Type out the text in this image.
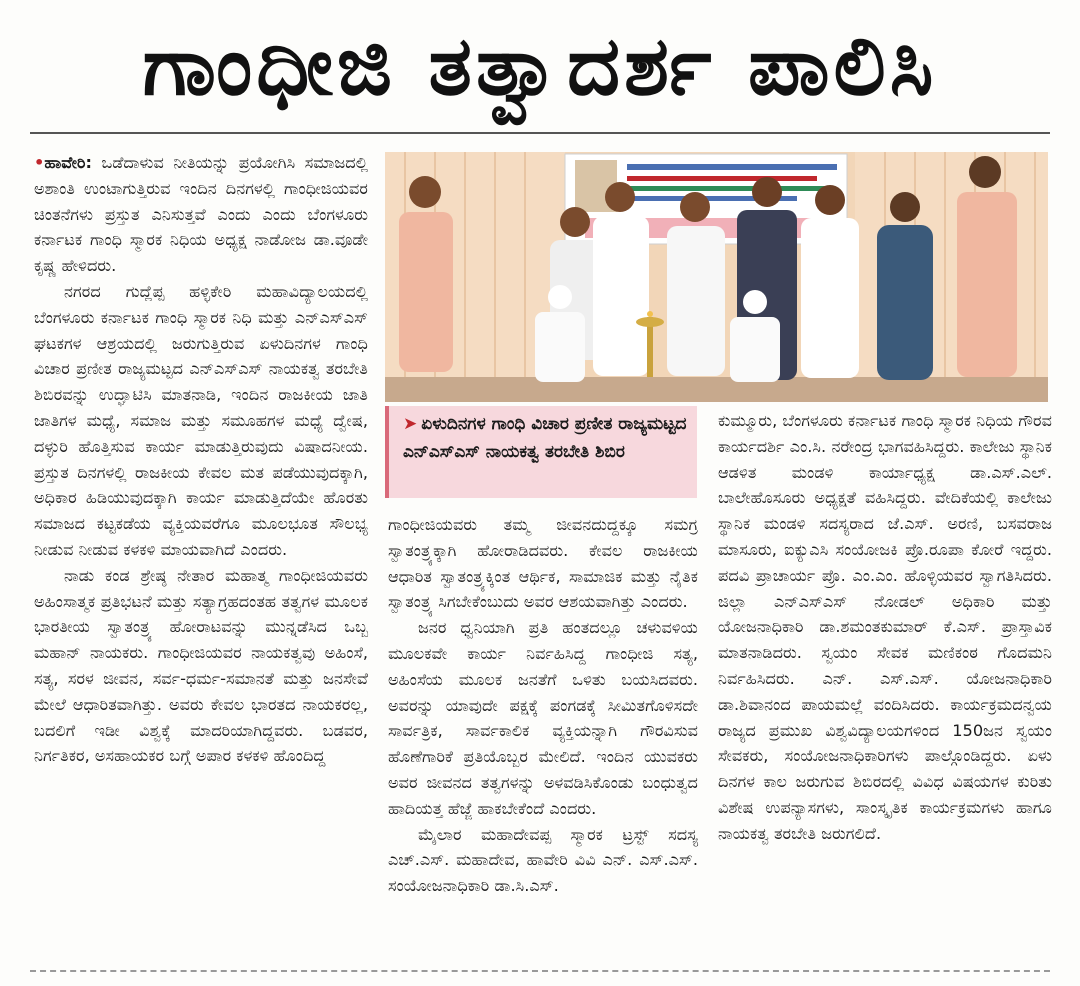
ಗಾಂಧೀಜಿ ತತ್ವಾದರ್ಶ ಪಾಲಿಸಿ

•ಹಾವೇರಿ: ಒಡೆದಾಳುವ ನೀತಿಯನ್ನು ಪ್ರಯೋಗಿಸಿ ಸಮಾಜದಲ್ಲಿ ಅಶಾಂತಿ ಉಂಟಾಗುತ್ತಿರುವ ಇಂದಿನ ದಿನಗಳಲ್ಲಿ ಗಾಂಧೀಜಿಯವರ ಚಿಂತನೆಗಳು ಪ್ರಸ್ತುತ ಎನಿಸುತ್ತವೆ ಎಂದು ಎಂದು ಬೆಂಗಳೂರು ಕರ್ನಾಟಕ ಗಾಂಧಿ ಸ್ಮಾರಕ ನಿಧಿಯ ಅಧ್ಯಕ್ಷ ನಾಡೋಜ ಡಾ.ವೂಡೇ ಕೃಷ್ಣ ಹೇಳಿದರು.

ನಗರದ ಗುದ್ಲೆಪ್ಪ ಹಳ್ಳಿಕೇರಿ ಮಹಾವಿದ್ಯಾಲಯದಲ್ಲಿ ಬೆಂಗಳೂರು ಕರ್ನಾಟಕ ಗಾಂಧಿ ಸ್ಮಾರಕ ನಿಧಿ ಮತ್ತು ಎನ್‌ಎಸ್‌ಎಸ್ ಘಟಕಗಳ ಆಶ್ರಯದಲ್ಲಿ ಜರುಗುತ್ತಿರುವ ಏಳುದಿನಗಳ ಗಾಂಧಿ ವಿಚಾರ ಪ್ರಣೀತ ರಾಜ್ಯಮಟ್ಟದ ಎನ್‌ಎಸ್‌ಎಸ್ ನಾಯಕತ್ವ ತರಬೇತಿ ಶಿಬಿರವನ್ನು ಉದ್ಘಾಟಿಸಿ ಮಾತನಾಡಿ, ಇಂದಿನ ರಾಜಕೀಯ ಜಾತಿ ಜಾತಿಗಳ ಮಧ್ಯೆ, ಸಮಾಜ ಮತ್ತು ಸಮೂಹಗಳ ಮಧ್ಯೆ ದ್ವೇಷ, ದಳ್ಳುರಿ ಹೊತ್ತಿಸುವ ಕಾರ್ಯ ಮಾಡುತ್ತಿರುವುದು ವಿಷಾದನೀಯ. ಪ್ರಸ್ತುತ ದಿನಗಳಲ್ಲಿ ರಾಜಕೀಯ ಕೇವಲ ಮತ ಪಡೆಯುವುದಕ್ಕಾಗಿ, ಅಧಿಕಾರ ಹಿಡಿಯುವುದಕ್ಕಾಗಿ ಕಾರ್ಯ ಮಾಡುತ್ತಿದೆಯೇ ಹೊರತು ಸಮಾಜದ ಕಟ್ಟಕಡೆಯ ವ್ಯಕ್ತಿಯವರೆಗೂ ಮೂಲಭೂತ ಸೌಲಭ್ಯ ನೀಡುವ ನೀಡುವ ಕಳಕಳಿ ಮಾಯವಾಗಿದೆ ಎಂದರು.

ನಾಡು ಕಂಡ ಶ್ರೇಷ್ಠ ನೇತಾರ ಮಹಾತ್ಮ ಗಾಂಧೀಜಿಯವರು ಅಹಿಂಸಾತ್ಮಕ ಪ್ರತಿಭಟನೆ ಮತ್ತು ಸತ್ಯಾಗ್ರಹದಂತಹ ತತ್ವಗಳ ಮೂಲಕ ಭಾರತೀಯ ಸ್ವಾತಂತ್ರ್ಯ ಹೋರಾಟವನ್ನು ಮುನ್ನಡೆಸಿದ ಒಬ್ಬ ಮಹಾನ್ ನಾಯಕರು. ಗಾಂಧೀಜಿಯವರ ನಾಯಕತ್ವವು ಅಹಿಂಸೆ, ಸತ್ಯ, ಸರಳ ಜೀವನ, ಸರ್ವ-ಧರ್ಮ-ಸಮಾನತೆ ಮತ್ತು ಜನಸೇವೆ ಮೇಲೆ ಆಧಾರಿತವಾಗಿತ್ತು. ಅವರು ಕೇವಲ ಭಾರತದ ನಾಯಕರಲ್ಲ, ಬದಲಿಗೆ ಇಡೀ ವಿಶ್ವಕ್ಕೆ ಮಾದರಿಯಾಗಿದ್ದವರು. ಬಡವರ, ನಿರ್ಗತಿಕರ, ಅಸಹಾಯಕರ ಬಗ್ಗೆ ಅಪಾರ ಕಳಕಳಿ ಹೊಂದಿದ್ದ

➤ ಏಳುದಿನಗಳ ಗಾಂಧಿ ವಿಚಾರ ಪ್ರಣೀತ ರಾಜ್ಯಮಟ್ಟದ ಎನ್‌ಎಸ್‌ಎಸ್ ನಾಯಕತ್ವ ತರಬೇತಿ ಶಿಬಿರ

ಗಾಂಧೀಜಿಯವರು ತಮ್ಮ ಜೀವನದುದ್ದಕ್ಕೂ ಸಮಗ್ರ ಸ್ವಾತಂತ್ರ್ಯಕ್ಕಾಗಿ ಹೋರಾಡಿದವರು. ಕೇವಲ ರಾಜಕೀಯ ಆಧಾರಿತ ಸ್ವಾತಂತ್ರ್ಯಕ್ಕಿಂತ ಆರ್ಥಿಕ, ಸಾಮಾಜಿಕ ಮತ್ತು ನೈತಿಕ ಸ್ವಾತಂತ್ರ್ಯ ಸಿಗಬೇಕೆಂಬುದು ಅವರ ಆಶಯವಾಗಿತ್ತು ಎಂದರು.

ಜನರ ಧ್ವನಿಯಾಗಿ ಪ್ರತಿ ಹಂತದಲ್ಲೂ ಚಳುವಳಿಯ ಮೂಲಕವೇ ಕಾರ್ಯ ನಿರ್ವಹಿಸಿದ್ದ ಗಾಂಧೀಜಿ ಸತ್ಯ, ಅಹಿಂಸೆಯ ಮೂಲಕ ಜನತೆಗೆ ಒಳಿತು ಬಯಸಿದವರು. ಅವರನ್ನು ಯಾವುದೇ ಪಕ್ಷಕ್ಕೆ ಪಂಗಡಕ್ಕೆ ಸೀಮಿತಗೊಳಿಸದೇ ಸಾರ್ವತ್ರಿಕ, ಸಾರ್ವಕಾಲಿಕ ವ್ಯಕ್ತಿಯನ್ನಾಗಿ ಗೌರವಿಸುವ ಹೊಣೆಗಾರಿಕೆ ಪ್ರತಿಯೊಬ್ಬರ ಮೇಲಿದೆ. ಇಂದಿನ ಯುವಕರು ಅವರ ಜೀವನದ ತತ್ವಗಳನ್ನು ಅಳವಡಿಸಿಕೊಂಡು ಬಂಧುತ್ವದ ಹಾದಿಯತ್ತ ಹೆಜ್ಜೆ ಹಾಕಬೇಕೆಂದೆ ಎಂದರು.

ಮೈಲಾರ ಮಹಾದೇವಪ್ಪ ಸ್ಮಾರಕ ಟ್ರಸ್ಟ್ ಸದಸ್ಯ ಎಚ್.ಎಸ್. ಮಹಾದೇವ, ಹಾವೇರಿ ವಿವಿ ಎನ್. ಎಸ್.ಎಸ್. ಸಂಯೋಜನಾಧಿಕಾರಿ ಡಾ.ಸಿ.ಎಸ್.

ಕುಮ್ಮೂರು, ಬೆಂಗಳೂರು ಕರ್ನಾಟಕ ಗಾಂಧಿ ಸ್ಮಾರಕ ನಿಧಿಯ ಗೌರವ ಕಾರ್ಯದರ್ಶಿ ಎಂ.ಸಿ. ನರೇಂದ್ರ ಭಾಗವಹಿಸಿದ್ದರು. ಕಾಲೇಜು ಸ್ಥಾನಿಕ ಆಡಳಿತ ಮಂಡಳಿ ಕಾರ್ಯಾಧ್ಯಕ್ಷ ಡಾ.ಎಸ್.ಎಲ್. ಬಾಲೇಹೊಸೂರು ಅಧ್ಯಕ್ಷತೆ ವಹಿಸಿದ್ದರು. ವೇದಿಕೆಯಲ್ಲಿ ಕಾಲೇಜು ಸ್ಥಾನಿಕ ಮಂಡಳಿ ಸದಸ್ಯರಾದ ಜೆ.ಎಸ್. ಅರಣಿ, ಬಸವರಾಜ ಮಾಸೂರು, ಐಕ್ಯುಎಸಿ ಸಂಯೋಜಕಿ ಪ್ರೊ.ರೂಪಾ ಕೋರೆ ಇದ್ದರು. ಪದವಿ ಪ್ರಾಚಾರ್ಯ ಪ್ರೊ. ಎಂ.ಎಂ. ಹೊಳ್ಳಿಯವರ ಸ್ವಾಗತಿಸಿದರು. ಜಿಲ್ಲಾ ಎನ್‌ಎಸ್‌ಎಸ್ ನೋಡಲ್ ಅಧಿಕಾರಿ ಮತ್ತು ಯೋಜನಾಧಿಕಾರಿ ಡಾ.ಶಮಂತಕುಮಾರ್ ಕೆ.ಎಸ್. ಪ್ರಾಸ್ತಾವಿಕ ಮಾತನಾಡಿದರು. ಸ್ವಯಂ ಸೇವಕ ಮಣಿಕಂಠ ಗೊದಮನಿ ನಿರ್ವಹಿಸಿದರು. ಎನ್. ಎಸ್.ಎಸ್. ಯೋಜನಾಧಿಕಾರಿ ಡಾ.ಶಿವಾನಂದ ಪಾಯಮಲ್ಲೆ ವಂದಿಸಿದರು. ಕಾರ್ಯಕ್ರಮದನ್ವಯ ರಾಜ್ಯದ ಪ್ರಮುಖ ವಿಶ್ವವಿದ್ಯಾಲಯಗಳಿಂದ 150ಜನ ಸ್ವಯಂ ಸೇವಕರು, ಸಂಯೋಜನಾಧಿಕಾರಿಗಳು ಪಾಲ್ಗೊಂಡಿದ್ದರು. ಏಳು ದಿನಗಳ ಕಾಲ ಜರುಗುವ ಶಿಬಿರದಲ್ಲಿ ವಿವಿಧ ವಿಷಯಗಳ ಕುರಿತು ವಿಶೇಷ ಉಪನ್ಯಾಸಗಳು, ಸಾಂಸ್ಕೃತಿಕ ಕಾರ್ಯಕ್ರಮಗಳು ಹಾಗೂ ನಾಯಕತ್ವ ತರಬೇತಿ ಜರುಗಲಿದೆ.
